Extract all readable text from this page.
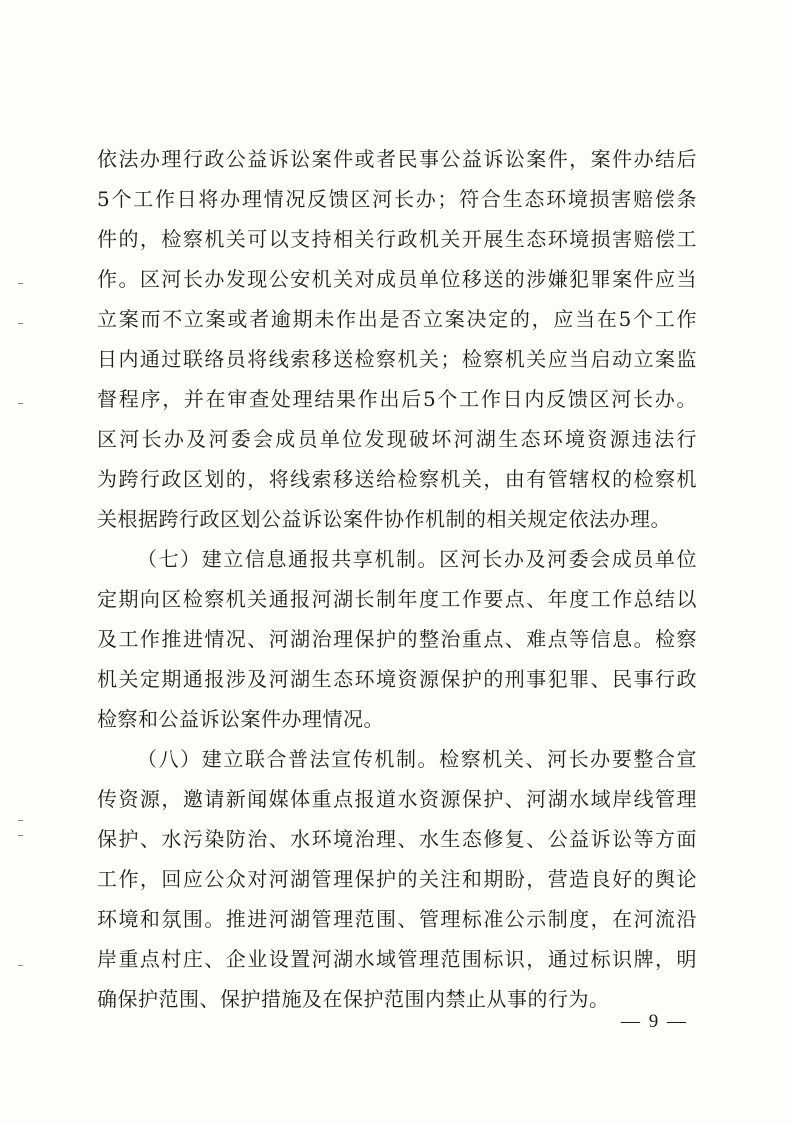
依法办理行政公益诉讼案件或者民事公益诉讼案件，案件办结后
5个工作日将办理情况反馈区河长办；符合生态环境损害赔偿条
件的，检察机关可以支持相关行政机关开展生态环境损害赔偿工
作。区河长办发现公安机关对成员单位移送的涉嫌犯罪案件应当
立案而不立案或者逾期未作出是否立案决定的，应当在5个工作
日内通过联络员将线索移送检察机关；检察机关应当启动立案监
督程序，并在审查处理结果作出后5个工作日内反馈区河长办。
区河长办及河委会成员单位发现破坏河湖生态环境资源违法行
为跨行政区划的，将线索移送给检察机关，由有管辖权的检察机
关根据跨行政区划公益诉讼案件协作机制的相关规定依法办理。
（七）建立信息通报共享机制。区河长办及河委会成员单位
定期向区检察机关通报河湖长制年度工作要点、年度工作总结以
及工作推进情况、河湖治理保护的整治重点、难点等信息。检察
机关定期通报涉及河湖生态环境资源保护的刑事犯罪、民事行政
检察和公益诉讼案件办理情况。
（八）建立联合普法宣传机制。检察机关、河长办要整合宣
传资源，邀请新闻媒体重点报道水资源保护、河湖水域岸线管理
保护、水污染防治、水环境治理、水生态修复、公益诉讼等方面
工作，回应公众对河湖管理保护的关注和期盼，营造良好的舆论
环境和氛围。推进河湖管理范围、管理标准公示制度，在河流沿
岸重点村庄、企业设置河湖水域管理范围标识，通过标识牌，明
确保护范围、保护措施及在保护范围内禁止从事的行为。
— 9 —
